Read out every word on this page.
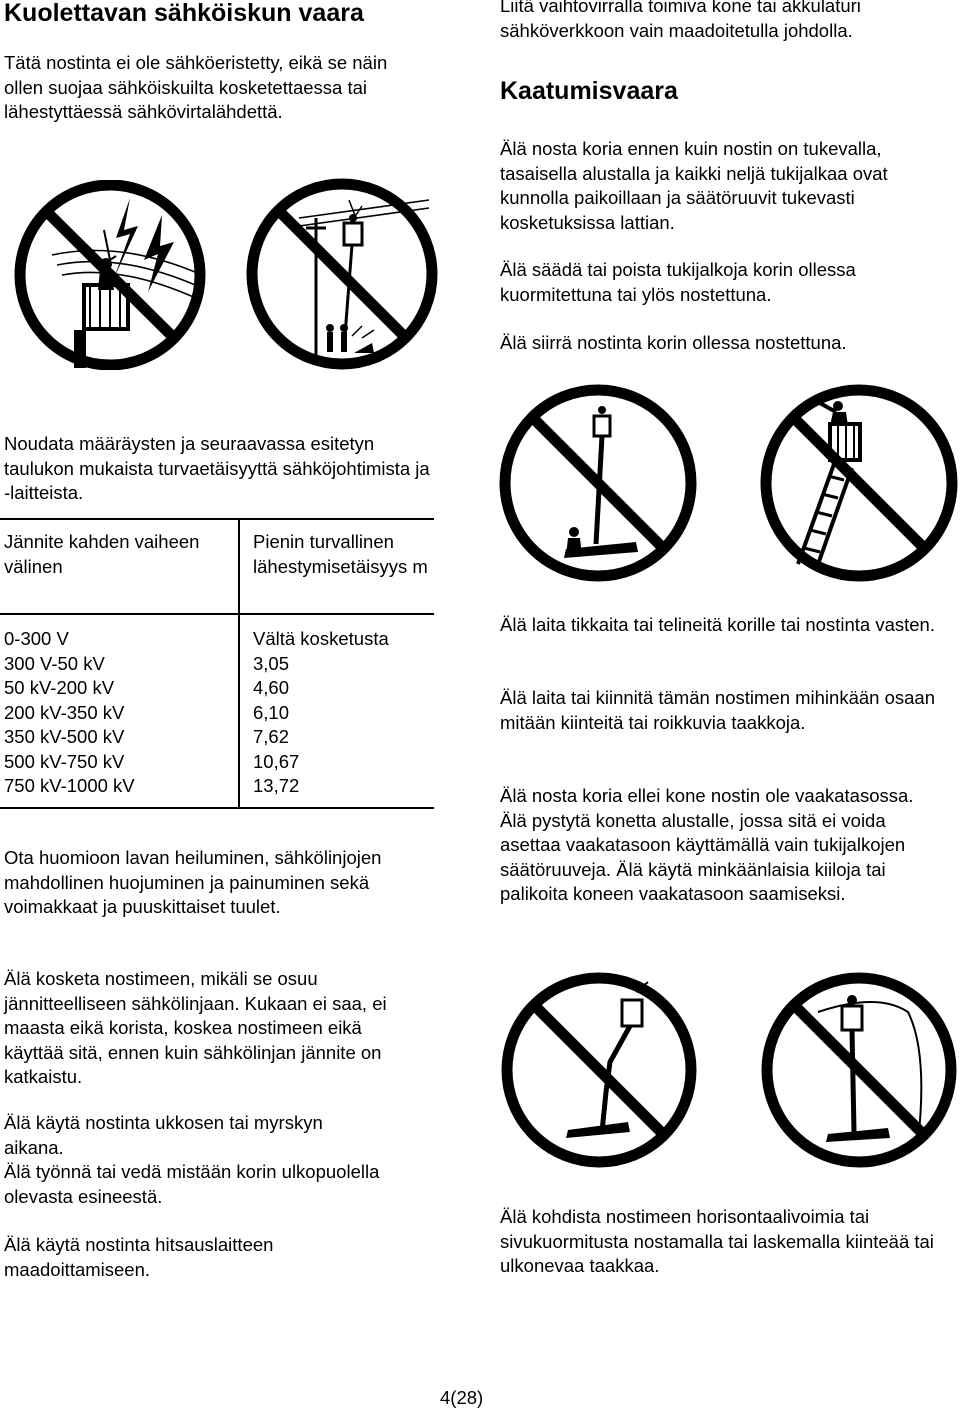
Kuolettavan sähköiskun vaara

Tätä nostinta ei ole sähköeristetty, eikä se näin ollen suojaa sähköiskuilta kosketettaessa tai lähestyttäessä sähkövirtalähdettä.

Noudata määräysten ja seuraavassa esitetyn taulukon mukaista turvaetäisyyttä sähköjohtimista ja -laitteista.

Jännite kahden vaiheen välinen

Pienin turvallinen lähestymisetäisyys m

0-300 V
300 V-50 kV
50 kV-200 kV
200 kV-350 kV
350 kV-500 kV
500 kV-750 kV
750 kV-1000 kV
Vältä kosketusta
3,05
4,60
6,10
7,62
10,67
13,72

Ota huomioon lavan heiluminen, sähkölinjojen mahdollinen huojuminen ja painuminen sekä voimakkaat ja puuskittaiset tuulet.

Älä kosketa nostimeen, mikäli se osuu jännitteelliseen sähkölinjaan. Kukaan ei saa, ei maasta eikä korista, koskea nostimeen eikä käyttää sitä, ennen kuin sähkölinjan jännite on katkaistu.

Älä käytä nostinta ukkosen tai myrskyn aikana.

Älä työnnä tai vedä mistään korin ulkopuolella olevasta esineestä.

Älä käytä nostinta hitsauslaitteen maadoittamiseen.

Liitä vaihtovirralla toimiva kone tai akkulaturi sähköverkkoon vain maadoitetulla johdolla.

Kaatumisvaara

Älä nosta koria ennen kuin nostin on tukevalla, tasaisella alustalla ja kaikki neljä tukijalkaa ovat kunnolla paikoillaan ja säätöruuvit tukevasti kosketuksissa lattian.

Älä säädä tai poista tukijalkoja korin ollessa kuormitettuna tai ylös nostettuna.

Älä siirrä nostinta korin ollessa nostettuna.

Älä laita tikkaita tai telineitä korille tai nostinta vasten.

Älä laita tai kiinnitä tämän nostimen mihinkään osaan mitään kiinteitä tai roikkuvia taakkoja.

Älä nosta koria ellei kone nostin ole vaakatasossa. Älä pystytä konetta alustalle, jossa sitä ei voida asettaa vaakatasoon käyttämällä vain tukijalkojen säätöruuveja. Älä käytä minkäänlaisia kiiloja tai palikoita koneen vaakatasoon saamiseksi.

Älä kohdista nostimeen horisontaalivoimia tai sivukuormitusta nostamalla tai laskemalla kiinteää tai ulkonevaa taakkaa.

4(28)
